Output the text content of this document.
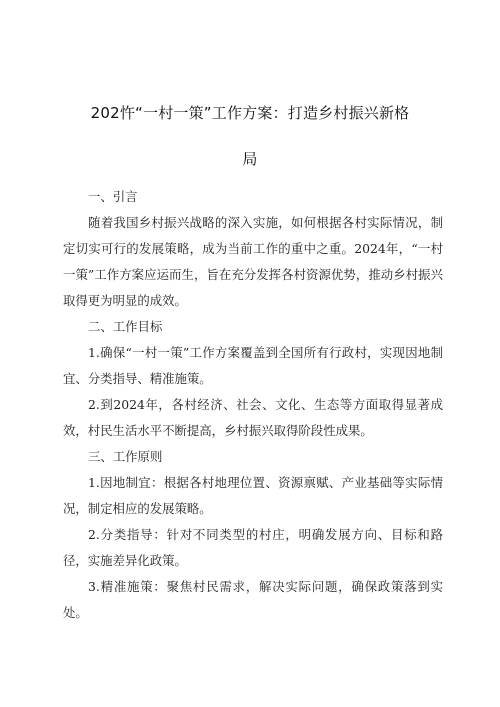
202忤“一村一策”工作方案：打造乡村振兴新格
局

一、引言

随着我国乡村振兴战略的深入实施，如何根据各村实际情况，制定切实可行的发展策略，成为当前工作的重中之重。2024年，“一村一策”工作方案应运而生，旨在充分发挥各村资源优势，推动乡村振兴取得更为明显的成效。

二、工作目标

1.确保“一村一策”工作方案覆盖到全国所有行政村，实现因地制宜、分类指导、精准施策。

2.到2024年，各村经济、社会、文化、生态等方面取得显著成效，村民生活水平不断提高，乡村振兴取得阶段性成果。

三、工作原则

1.因地制宜：根据各村地理位置、资源禀赋、产业基础等实际情况，制定相应的发展策略。

2.分类指导：针对不同类型的村庄，明确发展方向、目标和路径，实施差异化政策。

3.精准施策：聚焦村民需求，解决实际问题，确保政策落到实处。
